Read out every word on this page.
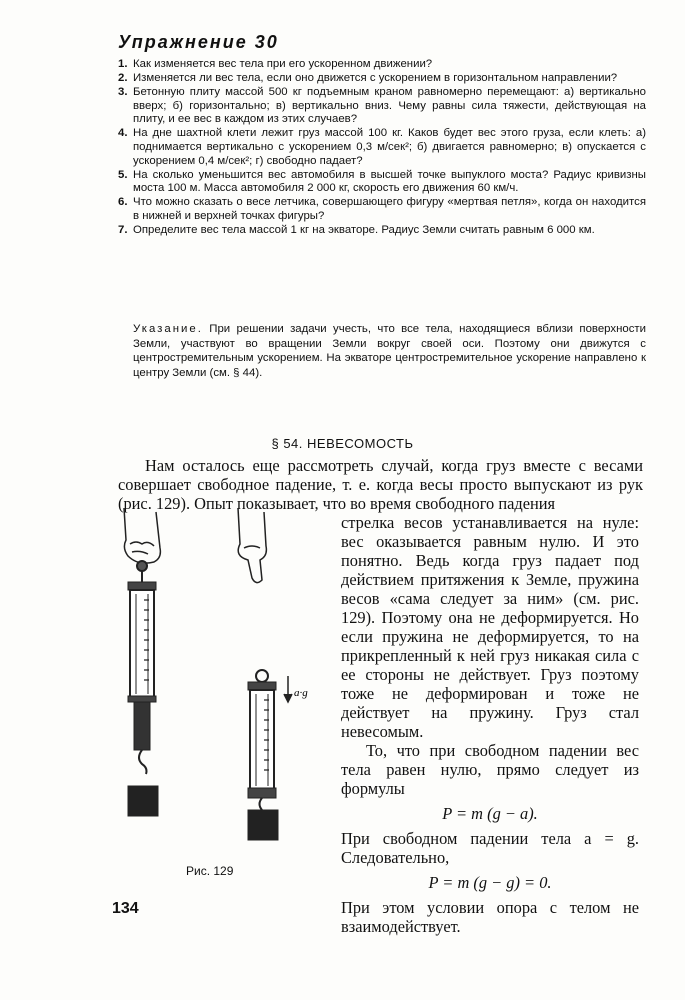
Упражнение 30
1. Как изменяется вес тела при его ускоренном движении?
2. Изменяется ли вес тела, если оно движется с ускорением в горизонтальном направлении?
3. Бетонную плиту массой 500 кг подъемным краном равномерно перемещают: а) вертикально вверх; б) горизонтально; в) вертикально вниз. Чему равны сила тяжести, действующая на плиту, и ее вес в каждом из этих случаев?
4. На дне шахтной клети лежит груз массой 100 кг. Каков будет вес этого груза, если клеть: а) поднимается вертикально с ускорением 0,3 м/сек²; б) двигается равномерно; в) опускается с ускорением 0,4 м/сек²; г) свободно падает?
5. На сколько уменьшится вес автомобиля в высшей точке выпуклого моста? Радиус кривизны моста 100 м. Масса автомобиля 2 000 кг, скорость его движения 60 км/ч.
6. Что можно сказать о весе летчика, совершающего фигуру «мертвая петля», когда он находится в нижней и верхней точках фигуры?
7. Определите вес тела массой 1 кг на экваторе. Радиус Земли считать равным 6 000 км.
Указание. При решении задачи учесть, что все тела, находящиеся вблизи поверхности Земли, участвуют во вращении Земли вокруг своей оси. Поэтому они движутся с центростремительным ускорением. На экваторе центростремительное ускорение направлено к центру Земли (см. § 44).
§ 54. НЕВЕСОМОСТЬ

Нам осталось еще рассмотреть случай, когда груз вместе с весами совершает свободное падение, т. е. когда весы просто выпускают из рук (рис. 129). Опыт показывает, что во время свободного падения

a·g
Рис. 129

стрелка весов устанавливается на нуле: вес оказывается равным нулю. И это понятно. Ведь когда груз падает под действием притяжения к Земле, пружина весов «сама следует за ним» (см. рис. 129). Поэтому она не деформируется. Но если пружина не деформируется, то на прикрепленный к ней груз никакая сила с ее стороны не действует. Груз поэтому тоже не деформирован и тоже не действует на пружину. Груз стал невесомым.

То, что при свободном падении вес тела равен нулю, прямо следует из формулы

P = m (g − a).

При свободном падении тела a = g. Следовательно,

P = m (g − g) = 0.

При этом условии опора с телом не взаимодействует.

134
